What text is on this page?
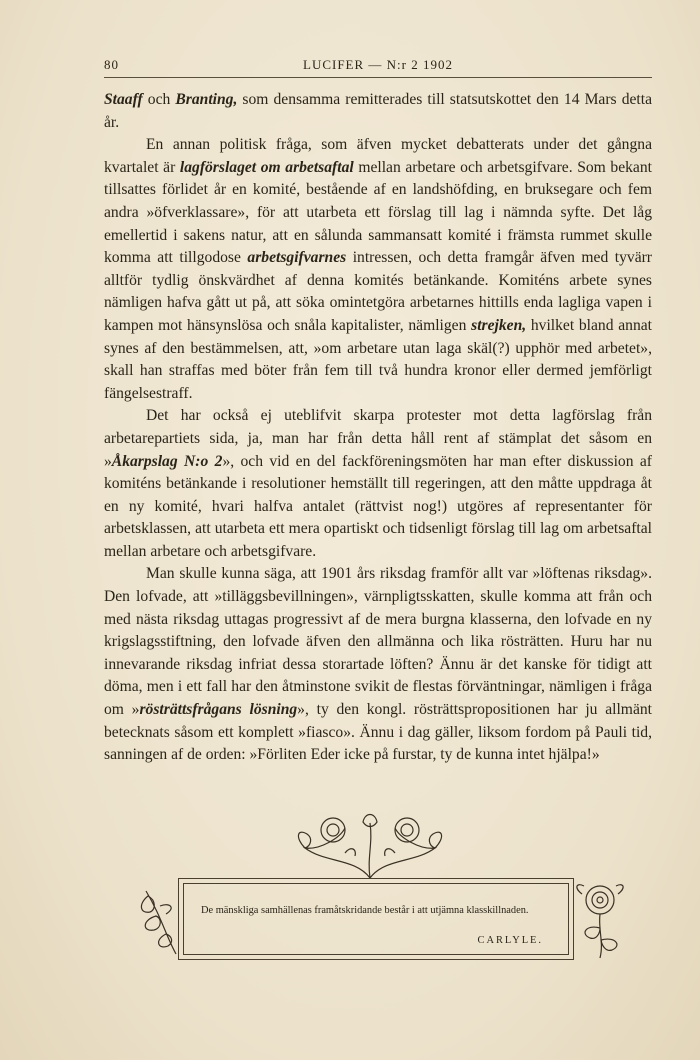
80	LUCIFER — N:r 2 1902

Staaff och Branting, som densamma remitterades till statsutskottet den 14 Mars detta år.

En annan politisk fråga, som äfven mycket debatterats under det gångna kvartalet är lagförslaget om arbetsaftal mellan arbetare och arbetsgifvare. Som bekant tillsattes förlidet år en komité, bestående af en landshöfding, en bruksegare och fem andra »öfverklassare», för att utarbeta ett förslag till lag i nämnda syfte. Det låg emellertid i sakens natur, att en sålunda sammansatt komité i främsta rummet skulle komma att tillgodose arbetsgifvarnes intressen, och detta framgår äfven med tyvärr alltför tydlig önskvärdhet af denna komités betänkande. Komiténs arbete synes nämligen hafva gått ut på, att söka omintetgöra arbetarnes hittills enda lagliga vapen i kampen mot hänsynslösa och snåla kapitalister, nämligen strejken, hvilket bland annat synes af den bestämmelsen, att, »om arbetare utan laga skäl(?) upphör med arbetet», skall han straffas med böter från fem till två hundra kronor eller dermed jemförligt fängelsestraff.

Det har också ej uteblifvit skarpa protester mot detta lagförslag från arbetarepartiets sida, ja, man har från detta håll rent af stämplat det såsom en »Åkarpslag N:o 2», och vid en del fackföreningsmöten har man efter diskussion af komiténs betänkande i resolutioner hemställt till regeringen, att den måtte uppdraga åt en ny komité, hvari halfva antalet (rättvist nog!) utgöres af representanter för arbetsklassen, att utarbeta ett mera opartiskt och tidsenligt förslag till lag om arbetsaftal mellan arbetare och arbetsgifvare.

Man skulle kunna säga, att 1901 års riksdag framför allt var »löftenas riksdag». Den lofvade, att »tilläggsbevillningen», värnpligtsskatten, skulle komma att från och med nästa riksdag uttagas progressivt af de mera burgna klasserna, den lofvade en ny krigslagsstiftning, den lofvade äfven den allmänna och lika rösträtten. Huru har nu innevarande riksdag infriat dessa storartade löften? Ännu är det kanske för tidigt att döma, men i ett fall har den åtminstone svikit de flestas förväntningar, nämligen i fråga om »rösträttsfrågans lösning», ty den kongl. rösträttspropositionen har ju allmänt betecknats såsom ett komplett »fiasco». Ännu i dag gäller, liksom fordom på Pauli tid, sanningen af de orden: »Förliten Eder icke på furstar, ty de kunna intet hjälpa!»

De mänskliga samhällenas framåtskridande består i att utjämna klasskillnaden.
CARLYLE.
